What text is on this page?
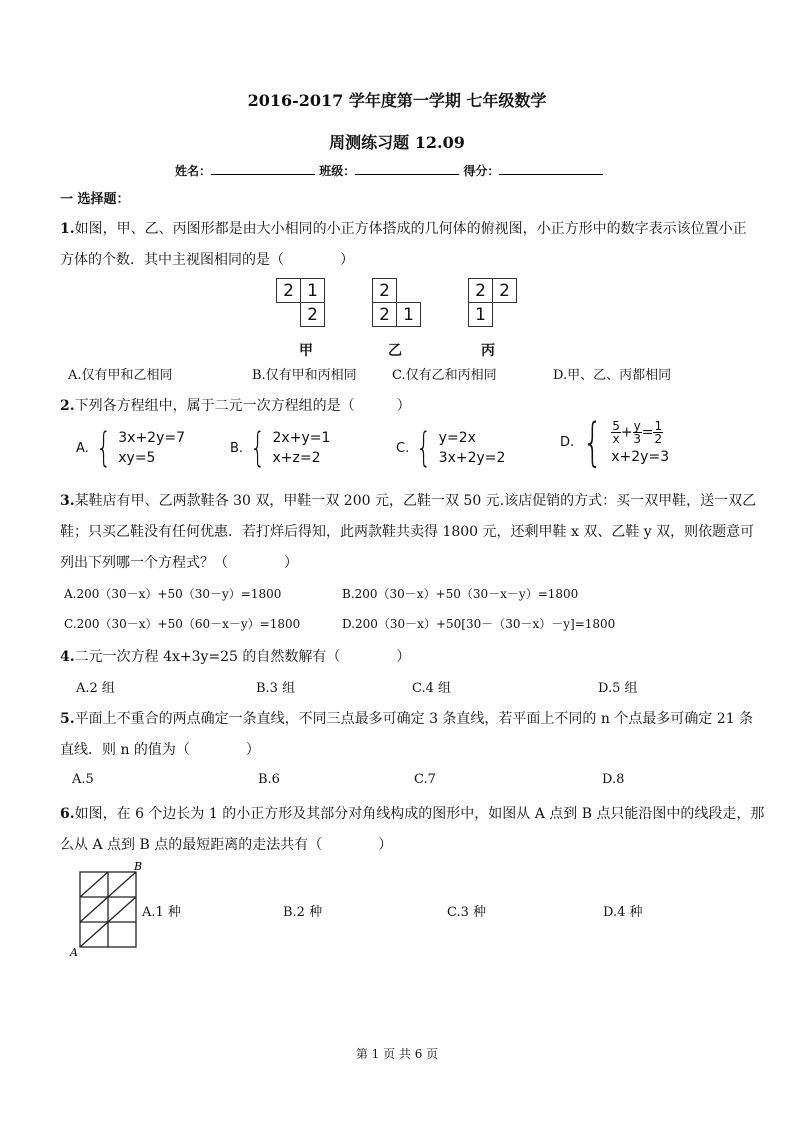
2016-2017 学年度第一学期 七年级数学
周测练习题 12.09
姓名：	班级：	得分：
一 选择题：
1.如图，甲、乙、丙图形都是由大小相同的小正方体搭成的几何体的俯视图，小正方形中的数字表示该位置小正
方体的个数．其中主视图相同的是（　　　　）
2 1
2
甲
2
2 1
乙
2 2
1
丙
A.仅有甲和乙相同	B.仅有甲和丙相同	C.仅有乙和丙相同	D.甲、乙、丙都相同
2.下列各方程组中，属于二元一次方程组的是（　　　）
A. { 3x+2y=7
xy=5
B. { 2x+y=1
x+z=2
C. { y=2x
3x+2y=2
D. { $\frac{5}{x} + \frac{y}{3} = \frac{1}{2}$
x+2y=3
3.某鞋店有甲、乙两款鞋各 30 双，甲鞋一双 200 元，乙鞋一双 50 元.该店促销的方式：买一双甲鞋，送一双乙
鞋；只买乙鞋没有任何优惠．若打烊后得知，此两款鞋共卖得 1800 元，还剩甲鞋 x 双、乙鞋 y 双，则依题意可
列出下列哪一个方程式？（　　　　）
A.200（30－x）+50（30－y）=1800	B.200（30－x）+50（30－x－y）=1800
C.200（30－x）+50（60－x－y）=1800	D.200（30－x）+50[30－（30－x）－y]=1800
4.二元一次方程 4x+3y=25 的自然数解有（　　　　）
A.2 组	B.3 组	C.4 组	D.5 组
5.平面上不重合的两点确定一条直线，不同三点最多可确定 3 条直线，若平面上不同的 n 个点最多可确定 21 条
直线．则 n 的值为（　　　　）
A.5	B.6	C.7	D.8
6.如图，在 6 个边长为 1 的小正方形及其部分对角线构成的图形中，如图从 A 点到 B 点只能沿图中的线段走，那
么从 A 点到 B 点的最短距离的走法共有（　　　　）
B
A
A.1 种	B.2 种	C.3 种	D.4 种
第 1 页 共 6 页
